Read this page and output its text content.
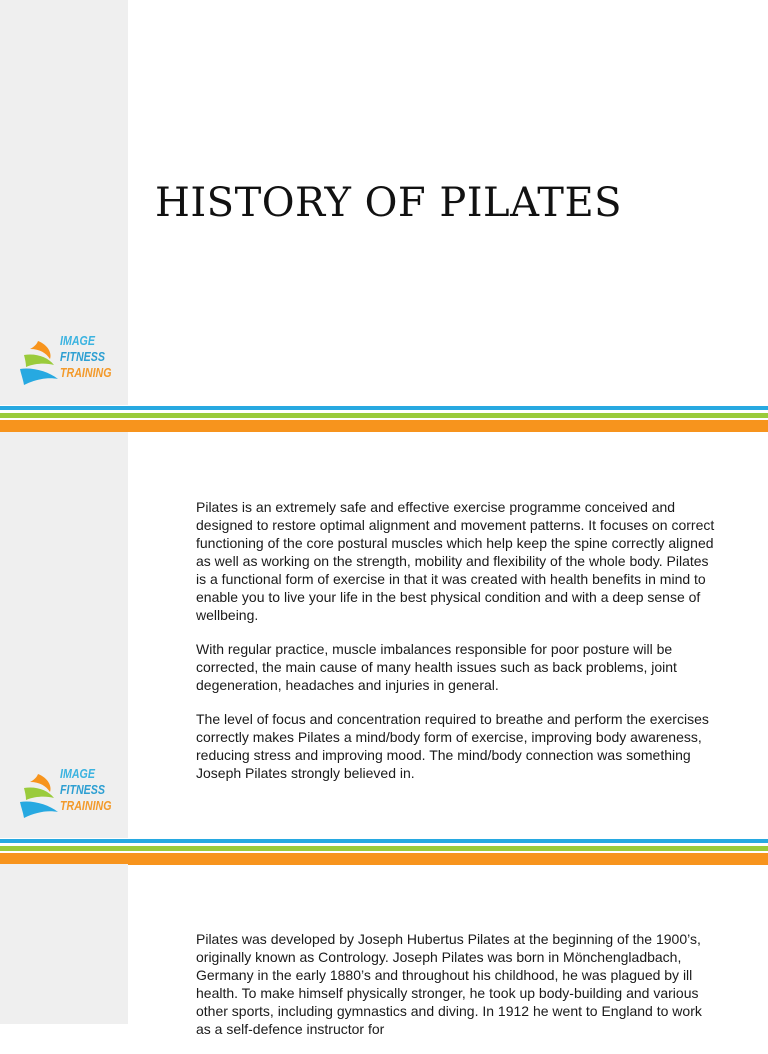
HISTORY OF PILATES
IMAGE
FITNESS
TRAINING

Pilates is an extremely safe and effective exercise programme conceived and designed to restore optimal alignment and movement patterns. It focuses on correct functioning of the core postural muscles which help keep the spine correctly aligned as well as working on the strength, mobility and flexibility of the whole body. Pilates is a functional form of exercise in that it was created with health benefits in mind to enable you to live your life in the best physical condition and with a deep sense of wellbeing.

With regular practice, muscle imbalances responsible for poor posture will be corrected, the main cause of many health issues such as back problems, joint degeneration, headaches and injuries in general.

The level of focus and concentration required to breathe and perform the exercises correctly makes Pilates a mind/body form of exercise, improving body awareness, reducing stress and improving mood. The mind/body connection was something Joseph Pilates strongly believed in.

IMAGE
FITNESS
TRAINING

Pilates was developed by Joseph Hubertus Pilates at the beginning of the 1900’s, originally known as Contrology. Joseph Pilates was born in Mönchengladbach, Germany in the early 1880’s and throughout his childhood, he was plagued by ill health. To make himself physically stronger, he took up body-building and various other sports, including gymnastics and diving. In 1912 he went to England to work as a self-defence instructor for
